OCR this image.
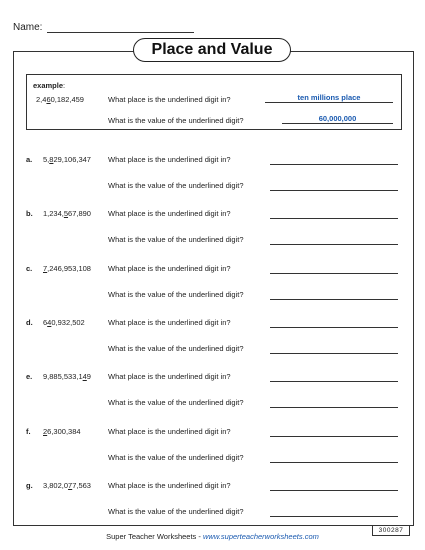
Name:
Place and Value
example:
2,460,182,459	What place is the underlined digit in?	ten millions place
What is the value of the underlined digit?	60,000,000
a. 5,829,106,347 What place is the underlined digit in?
What is the value of the underlined digit?
b. 1,234,567,890 What place is the underlined digit in?
What is the value of the underlined digit?
c. 7,246,953,108 What place is the underlined digit in?
What is the value of the underlined digit?
d. 640,932,502	What place is the underlined digit in?
What is the value of the underlined digit?
e. 9,885,533,149 What place is the underlined digit in?
What is the value of the underlined digit?
f. 26,300,384	What place is the underlined digit in?
What is the value of the underlined digit?
g. 3,802,077,563 What place is the underlined digit in?
What is the value of the underlined digit?
Super Teacher Worksheets - www.superteacherworksheets.com
300287
